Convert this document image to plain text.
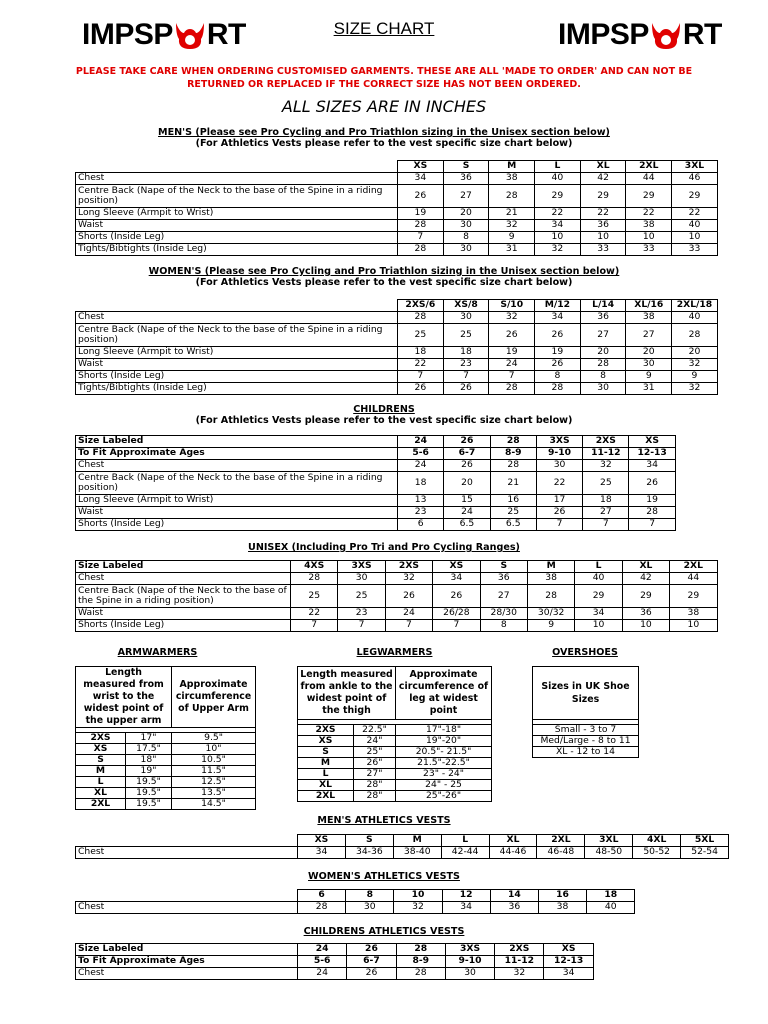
IMPSP RT	IMPSP RT
SIZE CHART
PLEASE TAKE CARE WHEN ORDERING CUSTOMISED GARMENTS. THESE ARE ALL 'MADE TO ORDER' AND CAN NOT BE
RETURNED OR REPLACED IF THE CORRECT SIZE HAS NOT BEEN ORDERED.
ALL SIZES ARE IN INCHES
MEN'S (Please see Pro Cycling and Pro Triathlon sizing in the Unisex section below)
(For Athletics Vests please refer to the vest specific size chart below)
	XS	S	M	L	XL	2XL	3XL
Chest	34	36	38	40	42	44	46
Centre Back (Nape of the Neck to the base of the Spine in a riding position)	26	27	28	29	29	29	29
Long Sleeve (Armpit to Wrist)	19	20	21	22	22	22	22
Waist	28	30	32	34	36	38	40
Shorts (Inside Leg)	7	8	9	10	10	10	10
Tights/Bibtights (Inside Leg)	28	30	31	32	33	33	33
WOMEN'S (Please see Pro Cycling and Pro Triathlon sizing in the Unisex section below)
(For Athletics Vests please refer to the vest specific size chart below)
	2XS/6	XS/8	S/10	M/12	L/14	XL/16	2XL/18
Chest	28	30	32	34	36	38	40
Centre Back (Nape of the Neck to the base of the Spine in a riding position)	25	25	26	26	27	27	28
Long Sleeve (Armpit to Wrist)	18	18	19	19	20	20	20
Waist	22	23	24	26	28	30	32
Shorts (Inside Leg)	7	7	7	8	8	9	9
Tights/Bibtights (Inside Leg)	26	26	28	28	30	31	32
CHILDRENS
(For Athletics Vests please refer to the vest specific size chart below)
Size Labeled	24	26	28	3XS	2XS	XS
To Fit Approximate Ages	5-6	6-7	8-9	9-10	11-12	12-13
Chest	24	26	28	30	32	34
Centre Back (Nape of the Neck to the base of the Spine in a riding position)	18	20	21	22	25	26
Long Sleeve (Armpit to Wrist)	13	15	16	17	18	19
Waist	23	24	25	26	27	28
Shorts (Inside Leg)	6	6.5	6.5	7	7	7
UNISEX (Including Pro Tri and Pro Cycling Ranges)
Size Labeled	4XS	3XS	2XS	XS	S	M	L	XL	2XL
Chest	28	30	32	34	36	38	40	42	44
Centre Back (Nape of the Neck to the base of the Spine in a riding position)	25	25	26	26	27	28	29	29	29
Waist	22	23	24	26/28	28/30	30/32	34	36	38
Shorts (Inside Leg)	7	7	7	7	8	9	10	10	10
ARMWARMERS
Length measured from wrist to the widest point of the upper arm		Approximate circumference of Upper Arm

2XS	17"	9.5"
XS	17.5"	10"
S	18"	10.5"
M	19"	11.5"
L	19.5"	12.5"
XL	19.5"	13.5"
2XL	19.5"	14.5"
LEGWARMERS
Length measured from ankle to the widest point of the thigh		Approximate circumference of leg at widest point

2XS	22.5"	17"-18"
XS	24"	19"-20"
S	25"	20.5"- 21.5"
M	26"	21.5"-22.5"
L	27"	23" - 24"
XL	28"	24" - 25
2XL	28"	25"-26"
OVERSHOES
Sizes in UK Shoe Sizes

Small - 3 to 7
Med/Large - 8 to 11
XL - 12 to 14
MEN'S ATHLETICS VESTS
	XS	S	M	L	XL	2XL	3XL	4XL	5XL
Chest	34	34-36	38-40	42-44	44-46	46-48	48-50	50-52	52-54
WOMEN'S ATHLETICS VESTS
	6	8	10	12	14	16	18
Chest	28	30	32	34	36	38	40
CHILDRENS ATHLETICS VESTS
Size Labeled	24	26	28	3XS	2XS	XS
To Fit Approximate Ages	5-6	6-7	8-9	9-10	11-12	12-13
Chest	24	26	28	30	32	34
